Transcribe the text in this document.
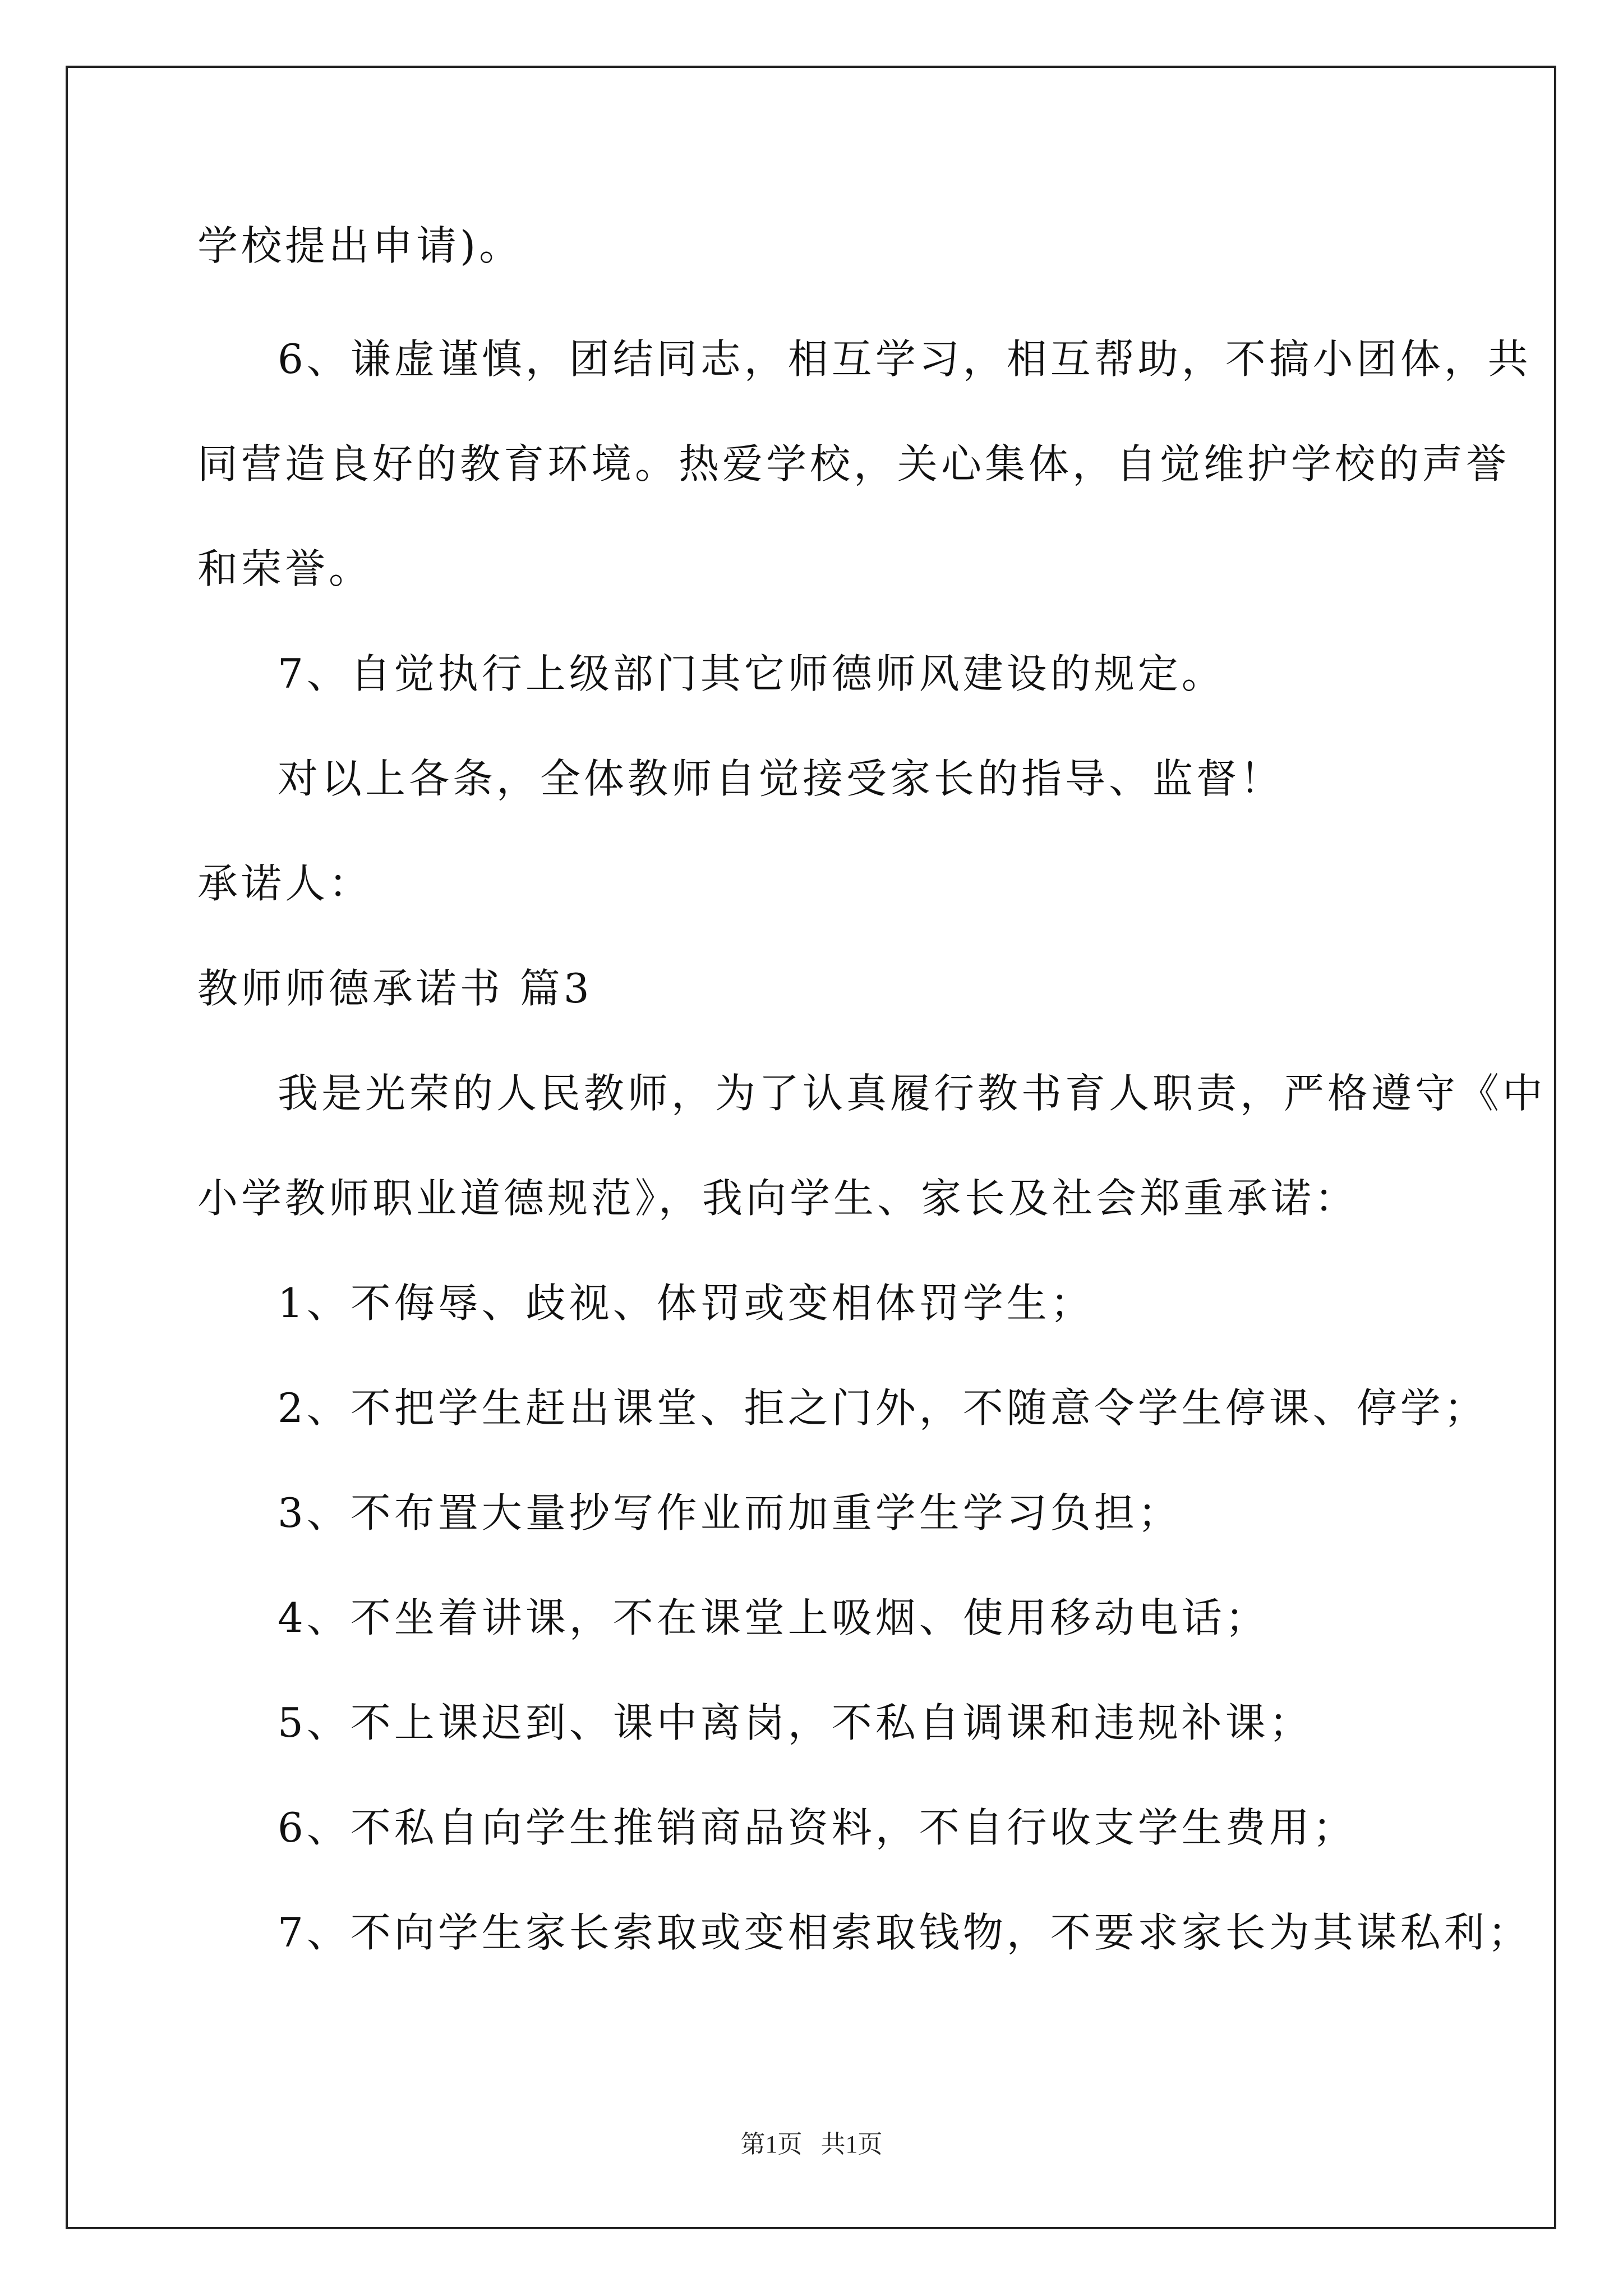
学校提出申请)。
6、谦虚谨慎，团结同志，相互学习，相互帮助，不搞小团体，共
同营造良好的教育环境。热爱学校，关心集体，自觉维护学校的声誉
和荣誉。
7、自觉执行上级部门其它师德师风建设的规定。
对以上各条，全体教师自觉接受家长的指导、监督！
承诺人：
教师师德承诺书 篇3
我是光荣的人民教师，为了认真履行教书育人职责，严格遵守《中
小学教师职业道德规范》，我向学生、家长及社会郑重承诺：
1、不侮辱、歧视、体罚或变相体罚学生；
2、不把学生赶出课堂、拒之门外，不随意令学生停课、停学；
3、不布置大量抄写作业而加重学生学习负担；
4、不坐着讲课，不在课堂上吸烟、使用移动电话；
5、不上课迟到、课中离岗，不私自调课和违规补课；
6、不私自向学生推销商品资料，不自行收支学生费用；
7、不向学生家长索取或变相索取钱物，不要求家长为其谋私利；
第1页   共1页
